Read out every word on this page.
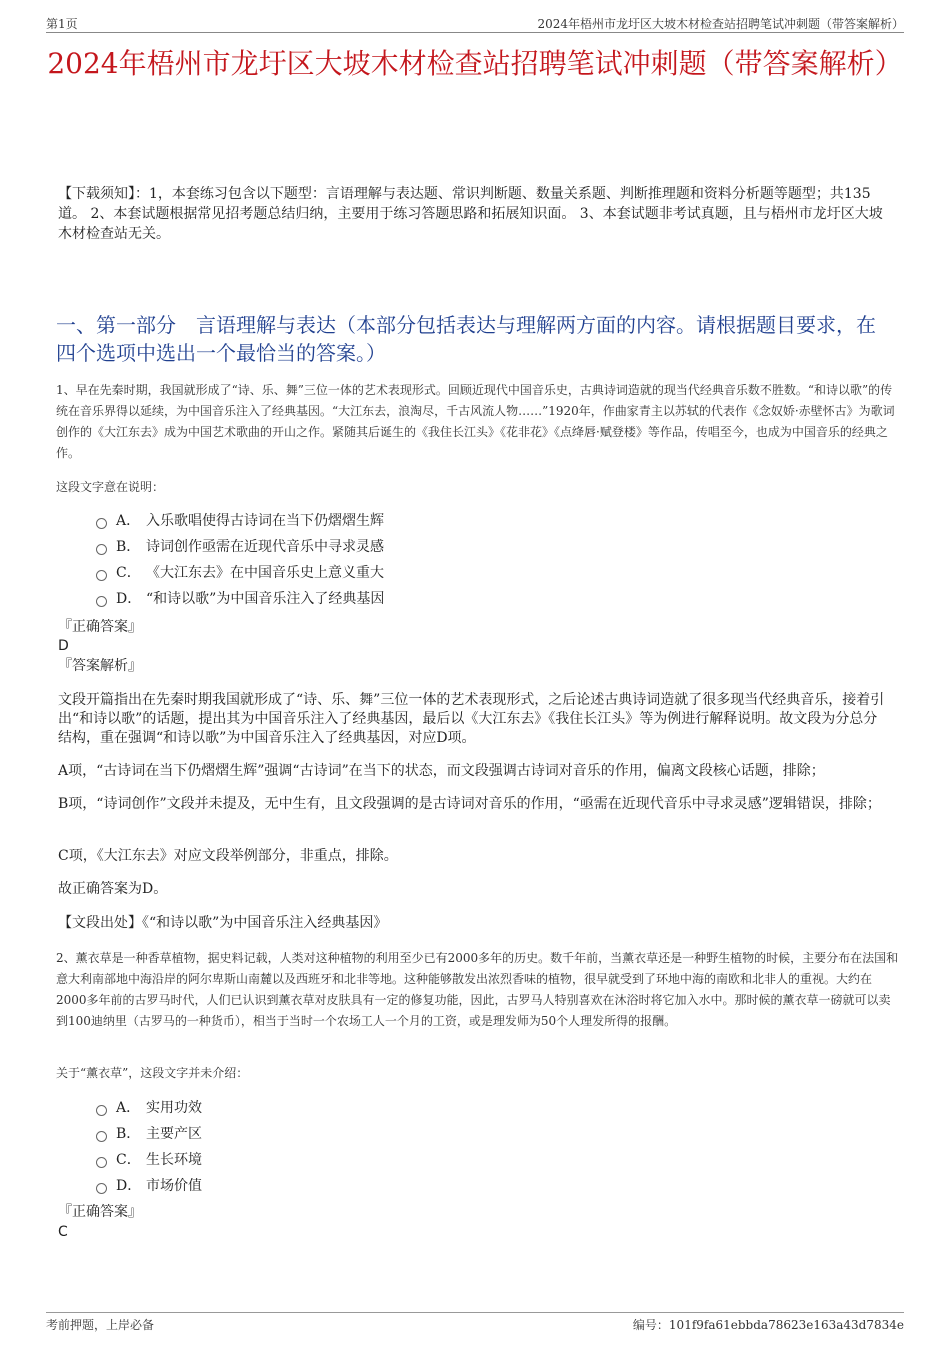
第1页	2024年梧州市龙圩区大坡木材检查站招聘笔试冲刺题（带答案解析）
2024年梧州市龙圩区大坡木材检查站招聘笔试冲刺题（带答案解析）
【下载须知】：1，本套练习包含以下题型：言语理解与表达题、常识判断题、数量关系题、判断推理题和资料分析题等题型；共135道。 2、本套试题根据常见招考题总结归纳，主要用于练习答题思路和拓展知识面。 3、本套试题非考试真题，且与梧州市龙圩区大坡木材检查站无关。
一、第一部分　言语理解与表达（本部分包括表达与理解两方面的内容。请根据题目要求，在四个选项中选出一个最恰当的答案。）
1、早在先秦时期，我国就形成了“诗、乐、舞”三位一体的艺术表现形式。回顾近现代中国音乐史，古典诗词造就的现当代经典音乐数不胜数。“和诗以歌”的传统在音乐界得以延续，为中国音乐注入了经典基因。“大江东去，浪淘尽，千古风流人物……”1920年，作曲家青主以苏轼的代表作《念奴娇·赤壁怀古》为歌词创作的《大江东去》成为中国艺术歌曲的开山之作。紧随其后诞生的《我住长江头》《花非花》《点绛唇·赋登楼》等作品，传唱至今，也成为中国音乐的经典之作。
这段文字意在说明：
A． 入乐歌唱使得古诗词在当下仍熠熠生辉
B． 诗词创作亟需在近现代音乐中寻求灵感
C． 《大江东去》在中国音乐史上意义重大
D． “和诗以歌”为中国音乐注入了经典基因
『正确答案』
D
『答案解析』
文段开篇指出在先秦时期我国就形成了“诗、乐、舞”三位一体的艺术表现形式，之后论述古典诗词造就了很多现当代经典音乐，接着引出“和诗以歌”的话题，提出其为中国音乐注入了经典基因，最后以《大江东去》《我住长江头》等为例进行解释说明。故文段为分总分结构，重在强调“和诗以歌”为中国音乐注入了经典基因，对应D项。
A项，“古诗词在当下仍熠熠生辉”强调“古诗词”在当下的状态，而文段强调古诗词对音乐的作用，偏离文段核心话题，排除；
B项，“诗词创作”文段并未提及，无中生有，且文段强调的是古诗词对音乐的作用，“亟需在近现代音乐中寻求灵感”逻辑错误，排除；
C项，《大江东去》对应文段举例部分，非重点，排除。
故正确答案为D。
【文段出处】《“和诗以歌”为中国音乐注入经典基因》
2、薰衣草是一种香草植物，据史料记载，人类对这种植物的利用至少已有2000多年的历史。数千年前，当薰衣草还是一种野生植物的时候，主要分布在法国和意大利南部地中海沿岸的阿尔卑斯山南麓以及西班牙和北非等地。这种能够散发出浓烈香味的植物，很早就受到了环地中海的南欧和北非人的重视。大约在2000多年前的古罗马时代，人们已认识到薰衣草对皮肤具有一定的修复功能，因此，古罗马人特别喜欢在沐浴时将它加入水中。那时候的薰衣草一磅就可以卖到100迪纳里（古罗马的一种货币），相当于当时一个农场工人一个月的工资，或是理发师为50个人理发所得的报酬。
关于“薰衣草”，这段文字并未介绍：
A． 实用功效
B． 主要产区
C． 生长环境
D． 市场价值
『正确答案』
C
考前押题，上岸必备	编号：101f9fa61ebbda78623e163a43d7834e
